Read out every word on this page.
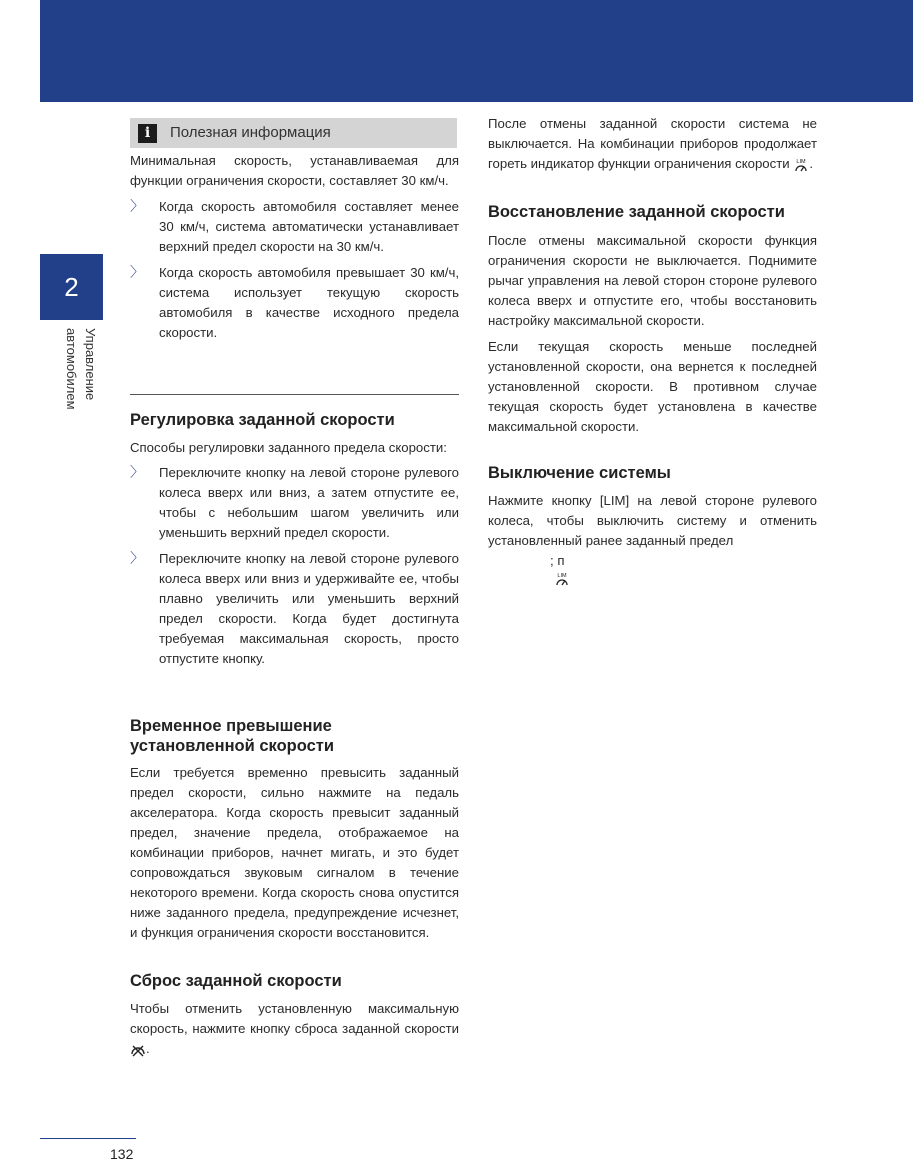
2
Управление автомобилем
i	Полезная информация

Минимальная скорость, устанавливаемая для функции ограничения скорости, составляет 30 км/ч.

〉	Когда скорость автомобиля составляет менее 30 км/ч, система автоматически устанавливает верхний предел скорости на 30 км/ч.
〉	Когда скорость автомобиля превышает 30 км/ч, система использует текущую скорость автомобиля в качестве исходного предела скорости.
Регулировка заданной скорости

Способы регулировки заданного предела скорости:

〉	Переключите кнопку на левой стороне рулевого колеса вверх или вниз, а затем отпустите ее, чтобы с небольшим шагом увеличить или уменьшить верхний предел скорости.
〉	Переключите кнопку на левой стороне рулевого колеса вверх или вниз и удерживайте ее, чтобы плавно увеличить или уменьшить верхний предел скорости. Когда будет достигнута требуемая максимальная скорость, просто отпустите кнопку.
Временное превышение
установленной скорости

Если требуется временно превысить заданный предел скорости, сильно нажмите на педаль акселератора. Когда скорость превысит заданный предел, значение предела, отображаемое на комбинации приборов, начнет мигать, и это будет сопровождаться звуковым сигналом в течение некоторого времени. Когда скорость снова опустится ниже заданного предела, предупреждение исчезнет, и функция ограничения скорости восстановится.

Сброс заданной скорости

Чтобы отменить установленную максимальную скорость, нажмите кнопку сброса заданной скорости.

После отмены заданной скорости система не выключается. На комбинации приборов продолжает гореть индикатор функции ограничения скорости LIM .

Восстановление заданной скорости

После отмены максимальной скорости функция ограничения скорости не выключается. Поднимите рычаг управления на левой сторон стороне рулевого колеса вверх и отпустите его, чтобы восстановить настройку максимальной скорости.

Если текущая скорость меньше последней установленной скорости, она вернется к последней установленной скорости. В противном случае текущая скорость будет установлена в качестве максимальной скорости.

Выключение системы

Нажмите кнопку [LIM] на левой стороне рулевого колеса, чтобы выключить систему и отменить установленный ранее заданный предел

; п
LIM
132
